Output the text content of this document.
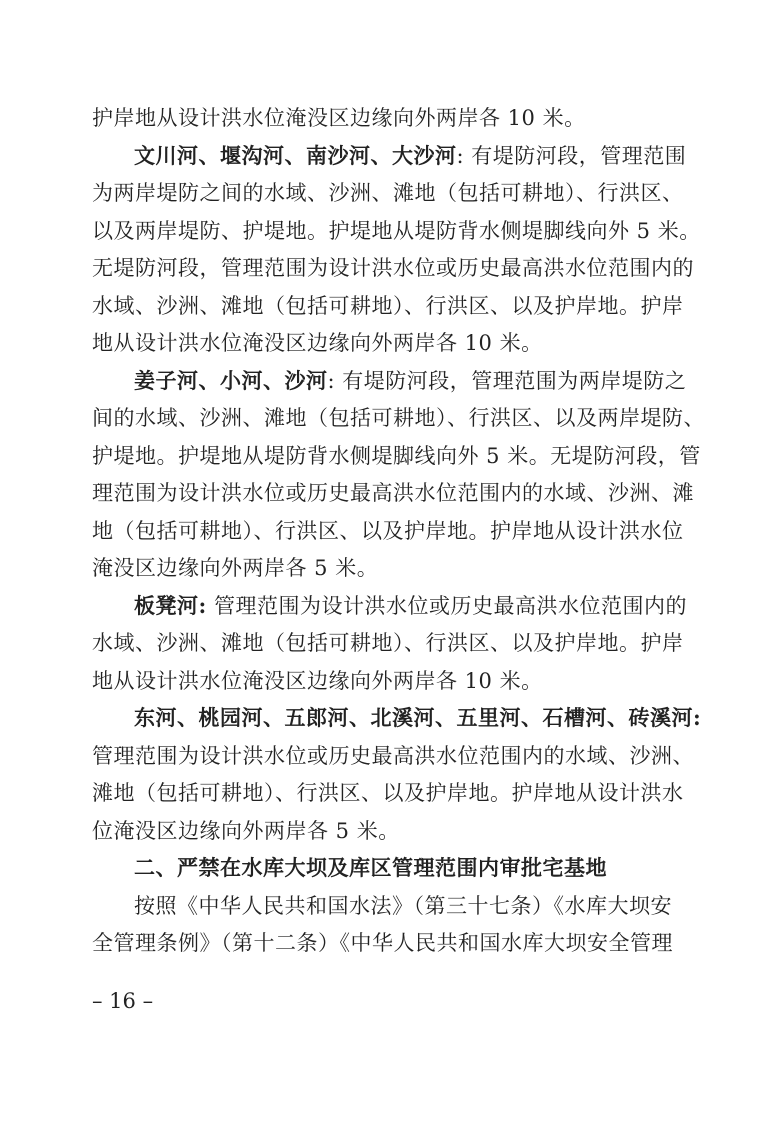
护岸地从设计洪水位淹没区边缘向外两岸各 10 米。
文川河、堰沟河、南沙河、大沙河: 有堤防河段，管理范围
为两岸堤防之间的水域、沙洲、滩地（包括可耕地）、行洪区、
以及两岸堤防、护堤地。护堤地从堤防背水侧堤脚线向外 5 米。
无堤防河段，管理范围为设计洪水位或历史最高洪水位范围内的
水域、沙洲、滩地（包括可耕地）、行洪区、以及护岸地。护岸
地从设计洪水位淹没区边缘向外两岸各 10 米。
姜子河、小河、沙河: 有堤防河段，管理范围为两岸堤防之
间的水域、沙洲、滩地（包括可耕地）、行洪区、以及两岸堤防、
护堤地。护堤地从堤防背水侧堤脚线向外 5 米。无堤防河段，管
理范围为设计洪水位或历史最高洪水位范围内的水域、沙洲、滩
地（包括可耕地）、行洪区、以及护岸地。护岸地从设计洪水位
淹没区边缘向外两岸各 5 米。
板凳河: 管理范围为设计洪水位或历史最高洪水位范围内的
水域、沙洲、滩地（包括可耕地）、行洪区、以及护岸地。护岸
地从设计洪水位淹没区边缘向外两岸各 10 米。
东河、桃园河、五郎河、北溪河、五里河、石槽河、砖溪河:
管理范围为设计洪水位或历史最高洪水位范围内的水域、沙洲、
滩地（包括可耕地）、行洪区、以及护岸地。护岸地从设计洪水
位淹没区边缘向外两岸各 5 米。
二、严禁在水库大坝及库区管理范围内审批宅基地
按照《中华人民共和国水法》（第三十七条）《水库大坝安
全管理条例》（第十二条）《中华人民共和国水库大坝安全管理
– 16 –
